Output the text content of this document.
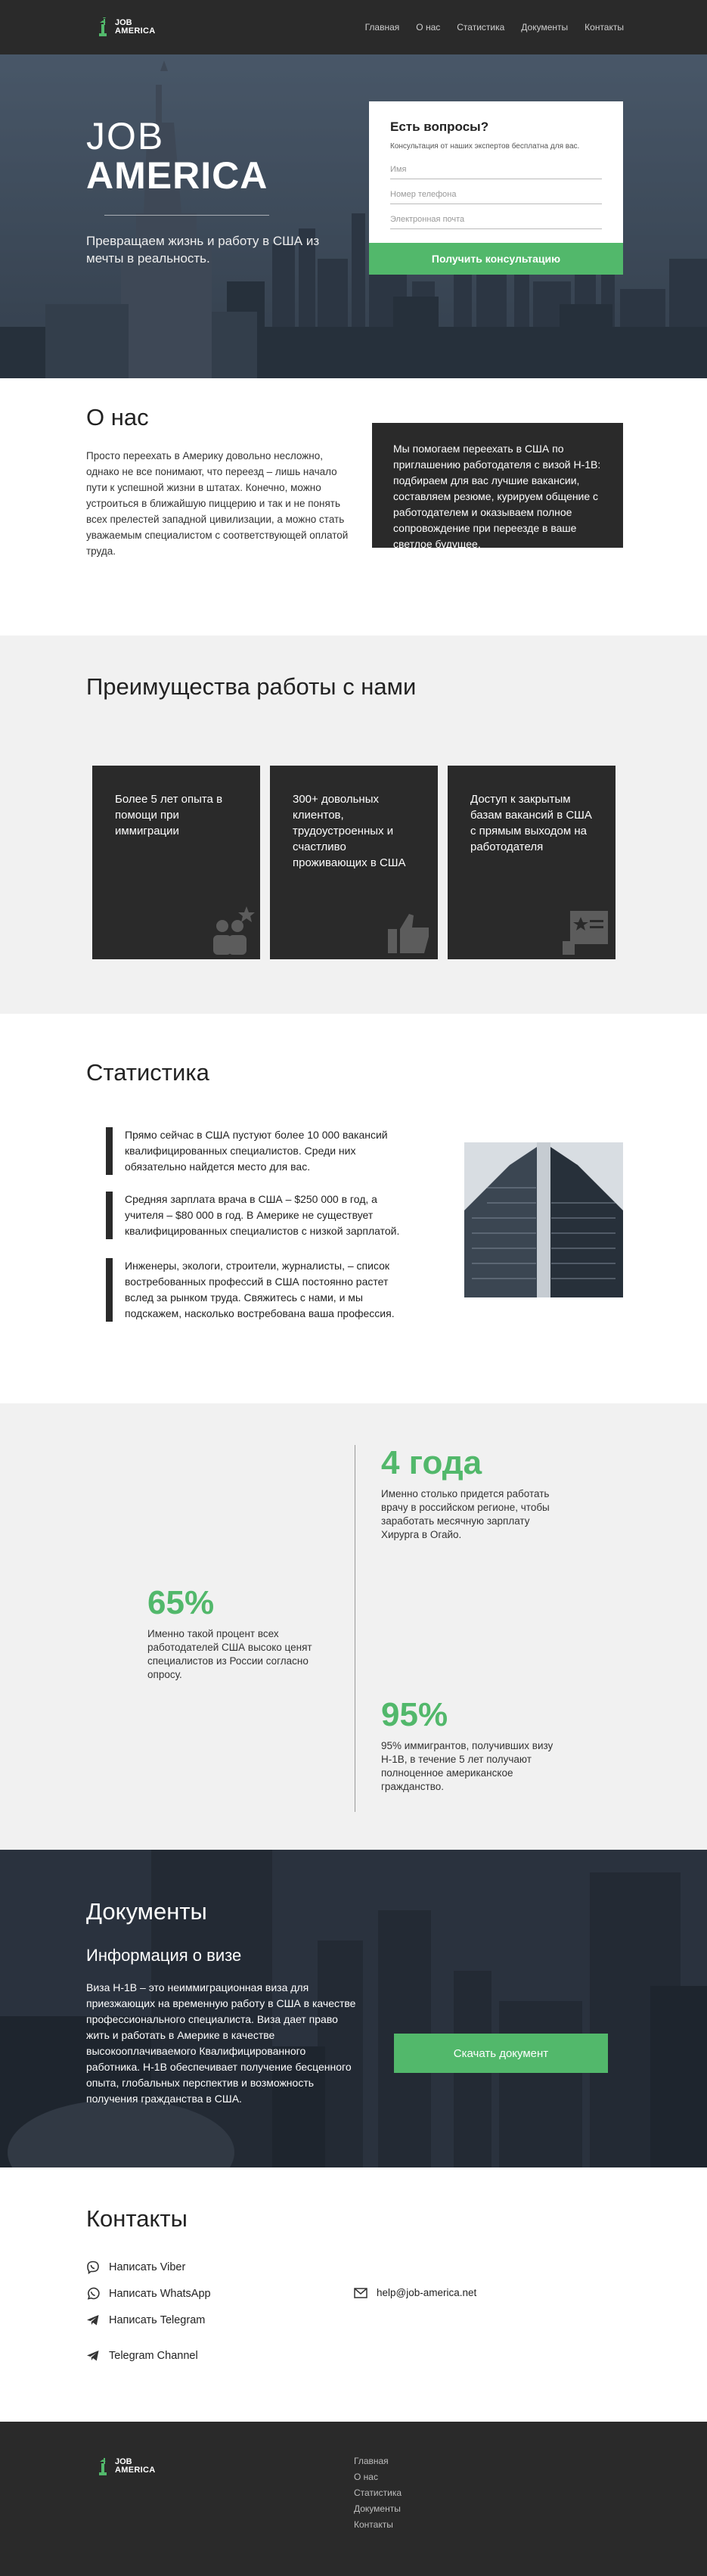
JOB
AMERICA	Главная О нас Статистика Документы Контакты
JOB
AMERICA

Превращаем жизнь и работу в США из мечты в реальность.

Есть вопросы?

Консультация от наших экспертов бесплатна для вас.

Имя
Номер телефона
Электронная почта
Получить консультацию
О нас

Просто переехать в Америку довольно несложно, однако не все понимают, что переезд – лишь начало пути к успешной жизни в штатах. Конечно, можно устроиться в ближайшую пиццерию и так и не понять всех прелестей западной цивилизации, а можно стать уважаемым специалистом с соответствующей оплатой труда.

Мы помогаем переехать в США по приглашению работодателя с визой H-1B: подбираем для вас лучшие вакансии, составляем резюме, курируем общение с работодателем и оказываем полное сопровождение при переезде в ваше светлое будущее.

Преимущества работы с нами

Более 5 лет опыта в помощи при иммиграции

300+ довольных клиентов, трудоустроенных и счастливо проживающих в США

Доступ к закрытым базам вакансий в США с прямым выходом на работодателя

Статистика

Прямо сейчас в США пустуют более 10 000 вакансий квалифицированных специалистов. Среди них обязательно найдется место для вас.

Средняя зарплата врача в США – $250 000 в год, а учителя – $80 000 в год. В Америке не существует квалифицированных специалистов с низкой зарплатой.

Инженеры, экологи, строители, журналисты, – список востребованных профессий в США постоянно растет вслед за рынком труда. Свяжитесь с нами, и мы подскажем, насколько востребована ваша профессия.

4 года

Именно столько придется работать врачу в российском регионе, чтобы заработать месячную зарплату Хирурга в Огайо.

65%

Именно такой процент всех работодателей США высоко ценят специалистов из России согласно опросу.

95%

95% иммигрантов, получивших визу H-1B, в течение 5 лет получают полноценное американское гражданство.

Документы
Информация о визе

Виза H-1B – это неиммиграционная виза для приезжающих на временную работу в США в качестве профессионального специалиста. Виза дает право жить и работать в Америке в качестве высокооплачиваемого Квалифицированного работника. H-1B обеспечивает получение бесценного опыта, глобальных перспектив и возможность получения гражданства в США.

Скачать документ
Контакты
Написать Viber
Написать WhatsApp
Написать Telegram
Telegram Channel
help@job-america.net
JOB
AMERICA
Главная
О нас
Статистика
Документы
Контакты
